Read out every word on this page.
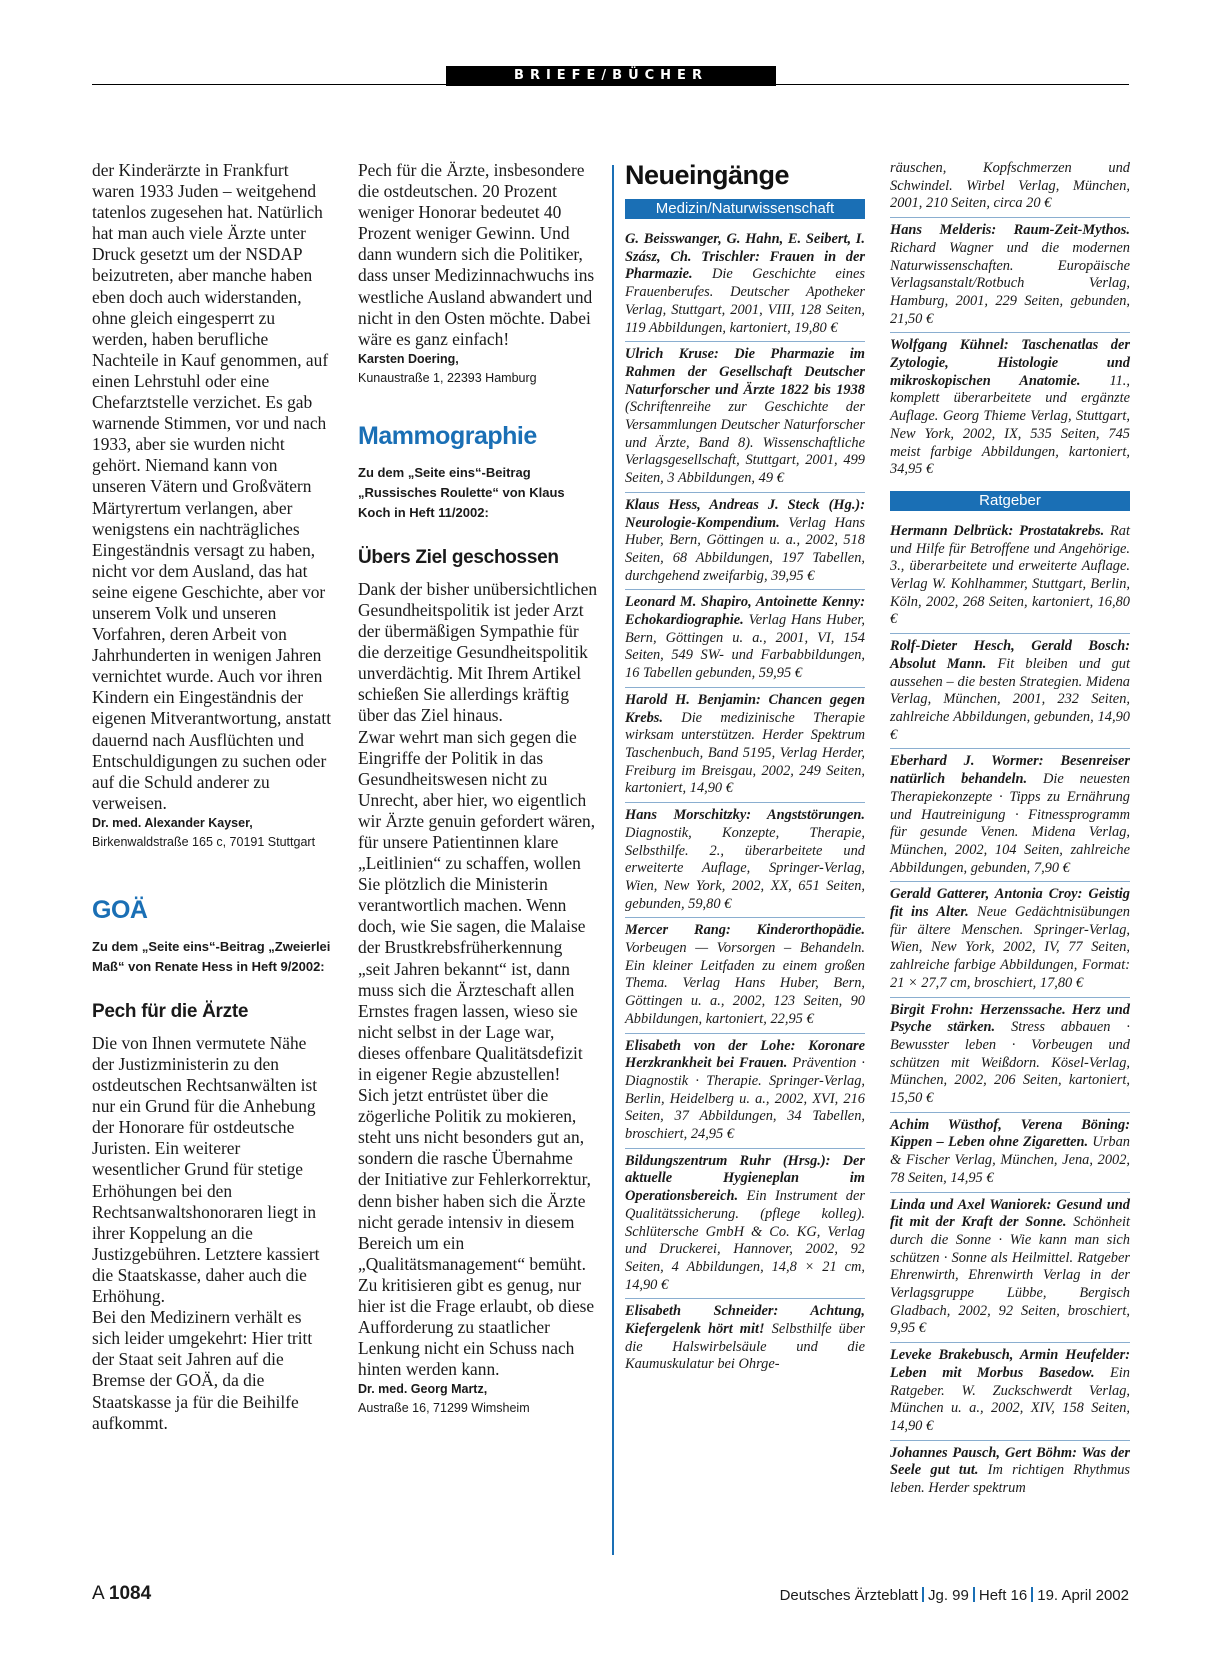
BRIEFE/BÜCHER

der Kinderärzte in Frankfurt waren 1933 Juden – weitgehend tatenlos zugesehen hat. Natürlich hat man auch viele Ärzte unter Druck gesetzt um der NSDAP beizutreten, aber manche haben eben doch auch widerstanden, ohne gleich eingesperrt zu werden, haben berufliche Nachteile in Kauf genommen, auf einen Lehrstuhl oder eine Chefarztstelle verzichet. Es gab warnende Stimmen, vor und nach 1933, aber sie wurden nicht gehört. Niemand kann von unseren Vätern und Großvätern Märtyrertum verlangen, aber wenigstens ein nachträgliches Eingeständnis versagt zu haben, nicht vor dem Ausland, das hat seine eigene Geschichte, aber vor unserem Volk und unseren Vorfahren, deren Arbeit von Jahrhunderten in wenigen Jahren vernichtet wurde. Auch vor ihren Kindern ein Eingeständnis der eigenen Mitverantwortung, anstatt dauernd nach Ausflüchten und Entschuldigungen zu suchen oder auf die Schuld anderer zu verweisen.

Dr. med. Alexander Kayser,
Birkenwaldstraße 165 c, 70191 Stuttgart
GOÄ

Zu dem „Seite eins“-Beitrag „Zweierlei Maß“ von Renate Hess in Heft 9/2002:

Pech für die Ärzte

Die von Ihnen vermutete Nähe der Justizministerin zu den ostdeutschen Rechtsanwälten ist nur ein Grund für die Anhebung der Honorare für ostdeutsche Juristen. Ein weiterer wesentlicher Grund für stetige Erhöhungen bei den Rechtsanwaltshonoraren liegt in ihrer Koppelung an die Justizgebühren. Letztere kassiert die Staatskasse, daher auch die Erhöhung.

Bei den Medizinern verhält es sich leider umgekehrt: Hier tritt der Staat seit Jahren auf die Bremse der GOÄ, da die Staatskasse ja für die Beihilfe aufkommt.

Pech für die Ärzte, insbesondere die ostdeutschen. 20 Prozent weniger Honorar bedeutet 40 Prozent weniger Gewinn. Und dann wundern sich die Politiker, dass unser Medizinnachwuchs ins westliche Ausland abwandert und nicht in den Osten möchte. Dabei wäre es ganz einfach!

Karsten Doering,
Kunaustraße 1, 22393 Hamburg
Mammographie

Zu dem „Seite eins“-Beitrag „Russisches Roulette“ von Klaus Koch in Heft 11/2002:

Übers Ziel geschossen

Dank der bisher unübersichtlichen Gesundheitspolitik ist jeder Arzt der übermäßigen Sympathie für die derzeitige Gesundheitspolitik unverdächtig. Mit Ihrem Artikel schießen Sie allerdings kräftig über das Ziel hinaus.

Zwar wehrt man sich gegen die Eingriffe der Politik in das Gesundheitswesen nicht zu Unrecht, aber hier, wo eigentlich wir Ärzte genuin gefordert wären, für unsere Patientinnen klare „Leitlinien“ zu schaffen, wollen Sie plötzlich die Ministerin verantwortlich machen. Wenn doch, wie Sie sagen, die Malaise der Brustkrebsfrüherkennung „seit Jahren bekannt“ ist, dann muss sich die Ärzteschaft allen Ernstes fragen lassen, wieso sie nicht selbst in der Lage war, dieses offenbare Qualitätsdefizit in eigener Regie abzustellen!

Sich jetzt entrüstet über die zögerliche Politik zu mokieren, steht uns nicht besonders gut an, sondern die rasche Übernahme der Initiative zur Fehlerkorrektur, denn bisher haben sich die Ärzte nicht gerade intensiv in diesem Bereich um ein „Qualitätsmanagement“ bemüht.

Zu kritisieren gibt es genug, nur hier ist die Frage erlaubt, ob diese Aufforderung zu staatlicher Lenkung nicht ein Schuss nach hinten werden kann.

Dr. med. Georg Martz,
Austraße 16, 71299 Wimsheim
Neueingänge
Medizin/Naturwissenschaft

G. Beisswanger, G. Hahn, E. Seibert, I. Szász, Ch. Trischler: Frauen in der Pharmazie. Die Geschichte eines Frauenberufes. Deutscher Apotheker Verlag, Stuttgart, 2001, VIII, 128 Seiten, 119 Abbildungen, kartoniert, 19,80 €

Ulrich Kruse: Die Pharmazie im Rahmen der Gesellschaft Deutscher Naturforscher und Ärzte 1822 bis 1938 (Schriftenreihe zur Geschichte der Versammlungen Deutscher Naturforscher und Ärzte, Band 8). Wissenschaftliche Verlagsgesellschaft, Stuttgart, 2001, 499 Seiten, 3 Abbildungen, 49 €

Klaus Hess, Andreas J. Steck (Hg.): Neurologie-Kompendium. Verlag Hans Huber, Bern, Göttingen u. a., 2002, 518 Seiten, 68 Abbildungen, 197 Tabellen, durchgehend zweifarbig, 39,95 €

Leonard M. Shapiro, Antoinette Kenny: Echokardiographie. Verlag Hans Huber, Bern, Göttingen u. a., 2001, VI, 154 Seiten, 549 SW- und Farbabbildungen, 16 Tabellen gebunden, 59,95 €

Harold H. Benjamin: Chancen gegen Krebs. Die medizinische Therapie wirksam unterstützen. Herder Spektrum Taschenbuch, Band 5195, Verlag Herder, Freiburg im Breisgau, 2002, 249 Seiten, kartoniert, 14,90 €

Hans Morschitzky: Angststörungen. Diagnostik, Konzepte, Therapie, Selbsthilfe. 2., überarbeitete und erweiterte Auflage, Springer-Verlag, Wien, New York, 2002, XX, 651 Seiten, gebunden, 59,80 €

Mercer Rang: Kinderorthopädie. Vorbeugen — Vorsorgen – Behandeln. Ein kleiner Leitfaden zu einem großen Thema. Verlag Hans Huber, Bern, Göttingen u. a., 2002, 123 Seiten, 90 Abbildungen, kartoniert, 22,95 €

Elisabeth von der Lohe: Koronare Herzkrankheit bei Frauen. Prävention · Diagnostik · Therapie. Springer-Verlag, Berlin, Heidelberg u. a., 2002, XVI, 216 Seiten, 37 Abbildungen, 34 Tabellen, broschiert, 24,95 €

Bildungszentrum Ruhr (Hrsg.): Der aktuelle Hygieneplan im Operationsbereich. Ein Instrument der Qualitätssicherung. (pflege kolleg). Schlütersche GmbH & Co. KG, Verlag und Druckerei, Hannover, 2002, 92 Seiten, 4 Abbildungen, 14,8 × 21 cm, 14,90 €

Elisabeth Schneider: Achtung, Kiefergelenk hört mit! Selbsthilfe über die Halswirbelsäule und die Kaumuskulatur bei Ohrge-

räuschen, Kopfschmerzen und Schwindel. Wirbel Verlag, München, 2001, 210 Seiten, circa 20 €

Hans Melderis: Raum-Zeit-Mythos. Richard Wagner und die modernen Naturwissenschaften. Europäische Verlagsanstalt/Rotbuch Verlag, Hamburg, 2001, 229 Seiten, gebunden, 21,50 €

Wolfgang Kühnel: Taschenatlas der Zytologie, Histologie und mikroskopischen Anatomie. 11., komplett überarbeitete und ergänzte Auflage. Georg Thieme Verlag, Stuttgart, New York, 2002, IX, 535 Seiten, 745 meist farbige Abbildungen, kartoniert, 34,95 €

Ratgeber

Hermann Delbrück: Prostatakrebs. Rat und Hilfe für Betroffene und Angehörige. 3., überarbeitete und erweiterte Auflage. Verlag W. Kohlhammer, Stuttgart, Berlin, Köln, 2002, 268 Seiten, kartoniert, 16,80 €

Rolf-Dieter Hesch, Gerald Bosch: Absolut Mann. Fit bleiben und gut aussehen – die besten Strategien. Midena Verlag, München, 2001, 232 Seiten, zahlreiche Abbildungen, gebunden, 14,90 €

Eberhard J. Wormer: Besenreiser natürlich behandeln. Die neuesten Therapiekonzepte · Tipps zu Ernährung und Hautreinigung · Fitnessprogramm für gesunde Venen. Midena Verlag, München, 2002, 104 Seiten, zahlreiche Abbildungen, gebunden, 7,90 €

Gerald Gatterer, Antonia Croy: Geistig fit ins Alter. Neue Gedächtnisübungen für ältere Menschen. Springer-Verlag, Wien, New York, 2002, IV, 77 Seiten, zahlreiche farbige Abbildungen, Format: 21 × 27,7 cm, broschiert, 17,80 €

Birgit Frohn: Herzenssache. Herz und Psyche stärken. Stress abbauen · Bewusster leben · Vorbeugen und schützen mit Weißdorn. Kösel-Verlag, München, 2002, 206 Seiten, kartoniert, 15,50 €

Achim Wüsthof, Verena Böning: Kippen – Leben ohne Zigaretten. Urban & Fischer Verlag, München, Jena, 2002, 78 Seiten, 14,95 €

Linda und Axel Waniorek: Gesund und fit mit der Kraft der Sonne. Schönheit durch die Sonne · Wie kann man sich schützen · Sonne als Heilmittel. Ratgeber Ehrenwirth, Ehrenwirth Verlag in der Verlagsgruppe Lübbe, Bergisch Gladbach, 2002, 92 Seiten, broschiert, 9,95 €

Leveke Brakebusch, Armin Heufelder: Leben mit Morbus Basedow. Ein Ratgeber. W. Zuckschwerdt Verlag, München u. a., 2002, XIV, 158 Seiten, 14,90 €

Johannes Pausch, Gert Böhm: Was der Seele gut tut. Im richtigen Rhythmus leben. Herder spektrum

A 1084	Deutsches Ärzteblatt Jg. 99 Heft 16 19. April 2002
